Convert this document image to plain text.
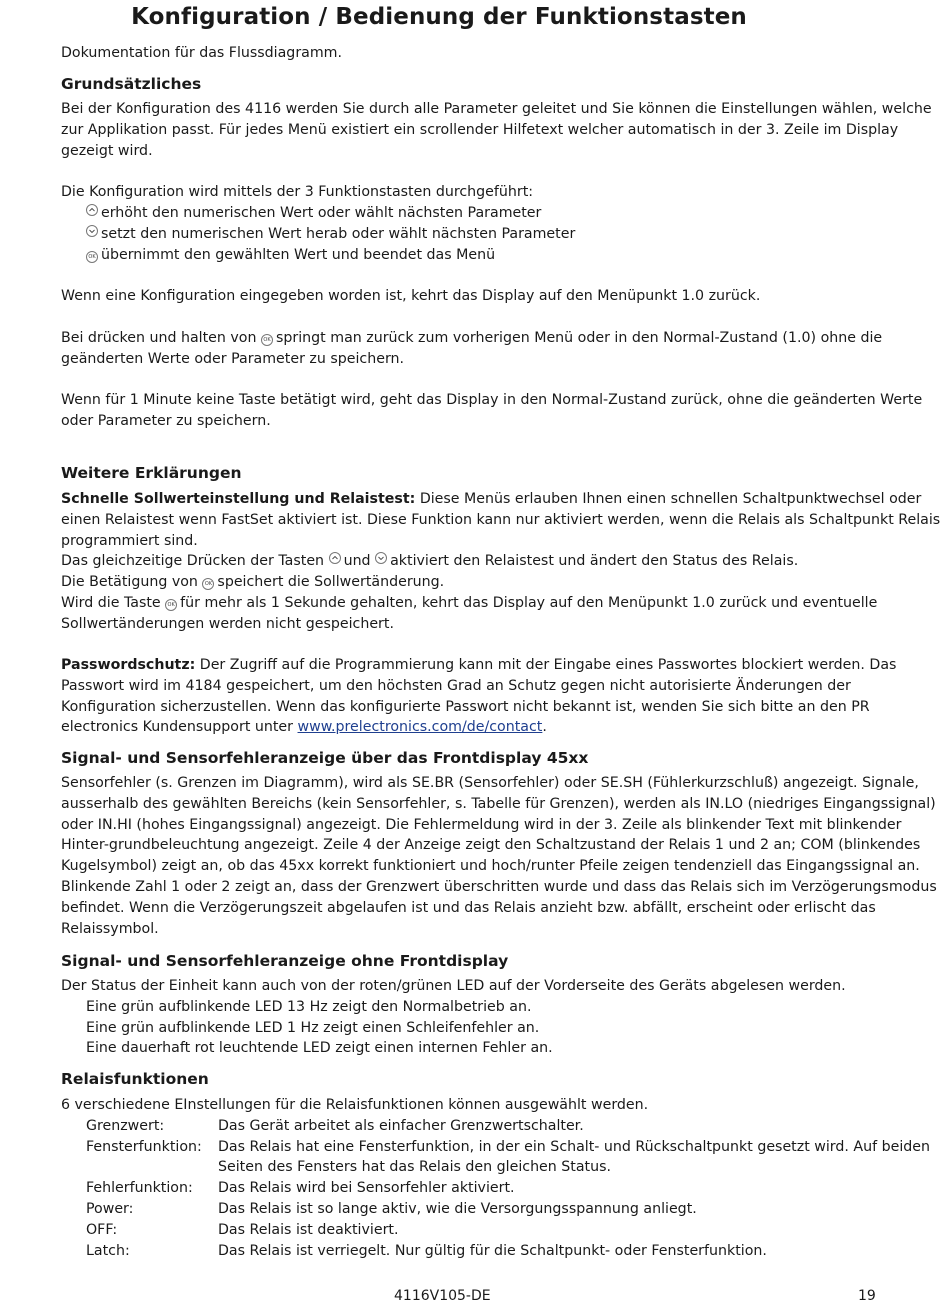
Konfiguration / Bedienung der Funktionstasten

Dokumentation für das Flussdiagramm.

Grundsätzliches

Bei der Konfiguration des 4116 werden Sie durch alle Parameter geleitet und Sie können die Einstellungen wählen, welche zur Applikation passt. Für jedes Menü existiert ein scrollender Hilfetext welcher automatisch in der 3. Zeile im Display gezeigt wird.

Die Konfiguration wird mittels der 3 Funktionstasten durchgeführt:

erhöht den numerischen Wert oder wählt nächsten Parameter

setzt den numerischen Wert herab oder wählt nächsten Parameter

OK übernimmt den gewählten Wert und beendet das Menü

Wenn eine Konfiguration eingegeben worden ist, kehrt das Display auf den Menüpunkt 1.0 zurück.

Bei drücken und halten von OK springt man zurück zum vorherigen Menü oder in den Normal-Zustand (1.0) ohne die geänderten Werte oder Parameter zu speichern.

Wenn für 1 Minute keine Taste betätigt wird, geht das Display in den Normal-Zustand zurück, ohne die geänderten Werte oder Parameter zu speichern.

Weitere Erklärungen

Schnelle Sollwerteinstellung und Relaistest: Diese Menüs erlauben Ihnen einen schnellen Schaltpunktwechsel oder einen Relaistest wenn FastSet aktiviert ist. Diese Funktion kann nur aktiviert werden, wenn die Relais als Schaltpunkt Relais programmiert sind.

Das gleichzeitige Drücken der Tasten und aktiviert den Relaistest und ändert den Status des Relais.

Die Betätigung von OK speichert die Sollwertänderung.

Wird die Taste OK für mehr als 1 Sekunde gehalten, kehrt das Display auf den Menüpunkt 1.0 zurück und eventuelle Sollwertänderungen werden nicht gespeichert.

Passwordschutz: Der Zugriff auf die Programmierung kann mit der Eingabe eines Passwortes blockiert werden. Das Passwort wird im 4184 gespeichert, um den höchsten Grad an Schutz gegen nicht autorisierte Änderungen der Konfiguration sicherzustellen. Wenn das konfigurierte Passwort nicht bekannt ist, wenden Sie sich bitte an den PR electronics Kundensupport unter www.prelectronics.com/de/contact.

Signal- und Sensorfehleranzeige über das Frontdisplay 45xx

Sensorfehler (s. Grenzen im Diagramm), wird als SE.BR (Sensorfehler) oder SE.SH (Fühlerkurzschluß) angezeigt. Signale, ausserhalb des gewählten Bereichs (kein Sensorfehler, s. Tabelle für Grenzen), werden als IN.LO (niedriges Eingangssignal) oder IN.HI (hohes Eingangssignal) angezeigt. Die Fehlermeldung wird in der 3. Zeile als blinkender Text mit blinkender Hinter-grundbeleuchtung angezeigt. Zeile 4 der Anzeige zeigt den Schaltzustand der Relais 1 und 2 an; COM (blinkendes Kugelsymbol) zeigt an, ob das 45xx korrekt funktioniert und hoch/runter Pfeile zeigen tendenziell das Eingangssignal an. Blinkende Zahl 1 oder 2 zeigt an, dass der Grenzwert überschritten wurde und dass das Relais sich im Verzögerungsmodus befindet. Wenn die Verzögerungszeit abgelaufen ist und das Relais anzieht bzw. abfällt, erscheint oder erlischt das Relaissymbol.

Signal- und Sensorfehleranzeige ohne Frontdisplay

Der Status der Einheit kann auch von der roten/grünen LED auf der Vorderseite des Geräts abgelesen werden.

Eine grün aufblinkende LED 13 Hz zeigt den Normalbetrieb an.

Eine grün aufblinkende LED 1 Hz zeigt einen Schleifenfehler an.

Eine dauerhaft rot leuchtende LED zeigt einen internen Fehler an.

Relaisfunktionen

6 verschiedene EInstellungen für die Relaisfunktionen können ausgewählt werden.

Grenzwert:	Das Gerät arbeitet als einfacher Grenzwertschalter.
Fensterfunktion:	Das Relais hat eine Fensterfunktion, in der ein Schalt- und Rückschaltpunkt gesetzt wird. Auf beiden Seiten des Fensters hat das Relais den gleichen Status.
Fehlerfunktion:	Das Relais wird bei Sensorfehler aktiviert.
Power:	Das Relais ist so lange aktiv, wie die Versorgungsspannung anliegt.
OFF:	Das Relais ist deaktiviert.
Latch:	Das Relais ist verriegelt. Nur gültig für die Schaltpunkt- oder Fensterfunktion.
4116V105-DE	19
